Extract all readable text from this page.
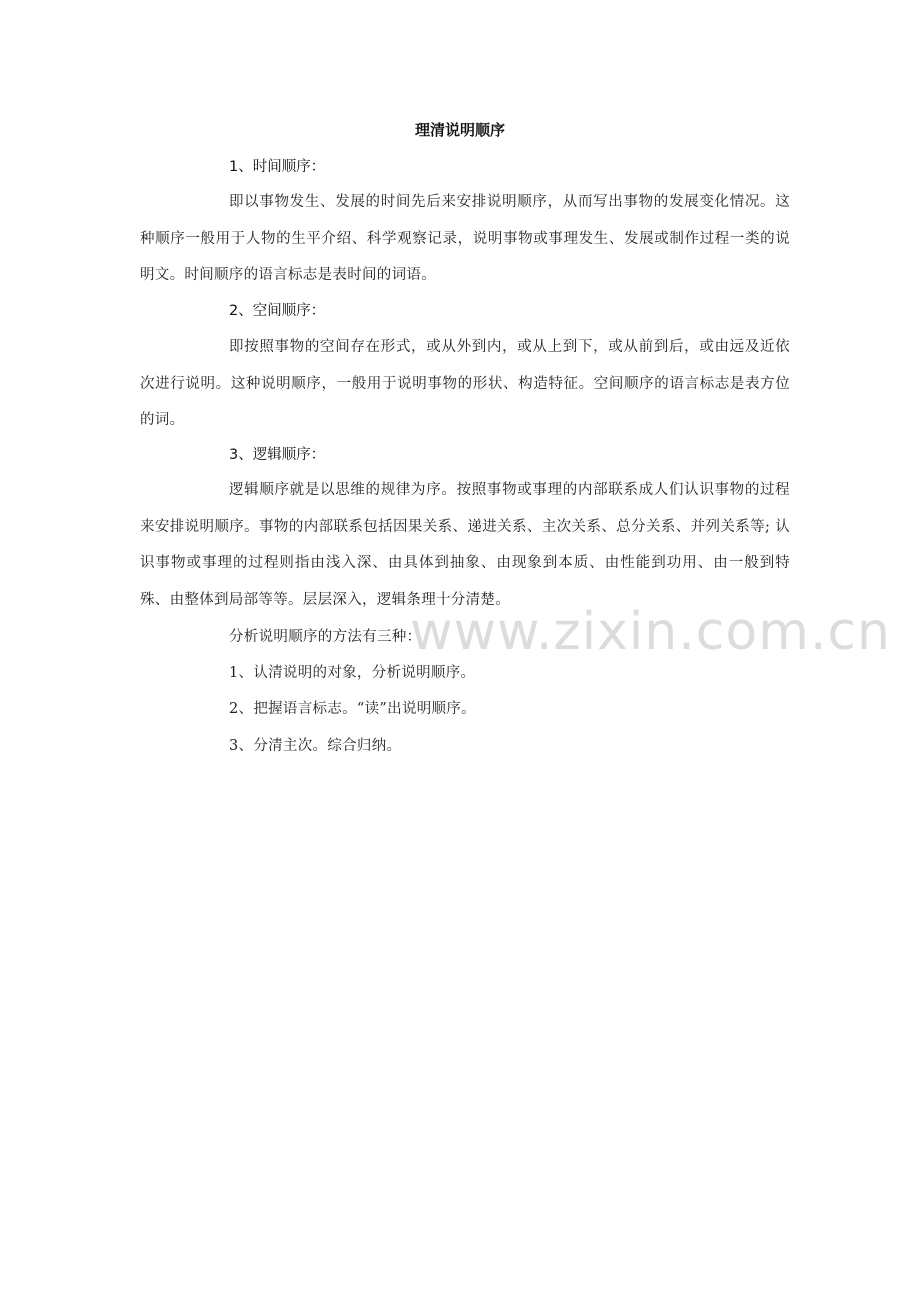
理清说明顺序
1、时间顺序：

即以事物发生、发展的时间先后来安排说明顺序，从而写出事物的发展变化情况。这种顺序一般用于人物的生平介绍、科学观察记录，说明事物或事理发生、发展或制作过程一类的说明文。时间顺序的语言标志是表时间的词语。

2、空间顺序：

即按照事物的空间存在形式，或从外到内，或从上到下，或从前到后，或由远及近依次进行说明。这种说明顺序，一般用于说明事物的形状、构造特征。空间顺序的语言标志是表方位的词。

3、逻辑顺序：

逻辑顺序就是以思维的规律为序。按照事物或事理的内部联系成人们认识事物的过程来安排说明顺序。事物的内部联系包括因果关系、递进关系、主次关系、总分关系、并列关系等; 认识事物或事理的过程则指由浅入深、由具体到抽象、由现象到本质、由性能到功用、由一般到特殊、由整体到局部等等。层层深入，逻辑条理十分清楚。

分析说明顺序的方法有三种：
1、认清说明的对象，分析说明顺序。
2、把握语言标志。“读”出说明顺序。
3、分清主次。综合归纳。
www.zixin.com.cn
